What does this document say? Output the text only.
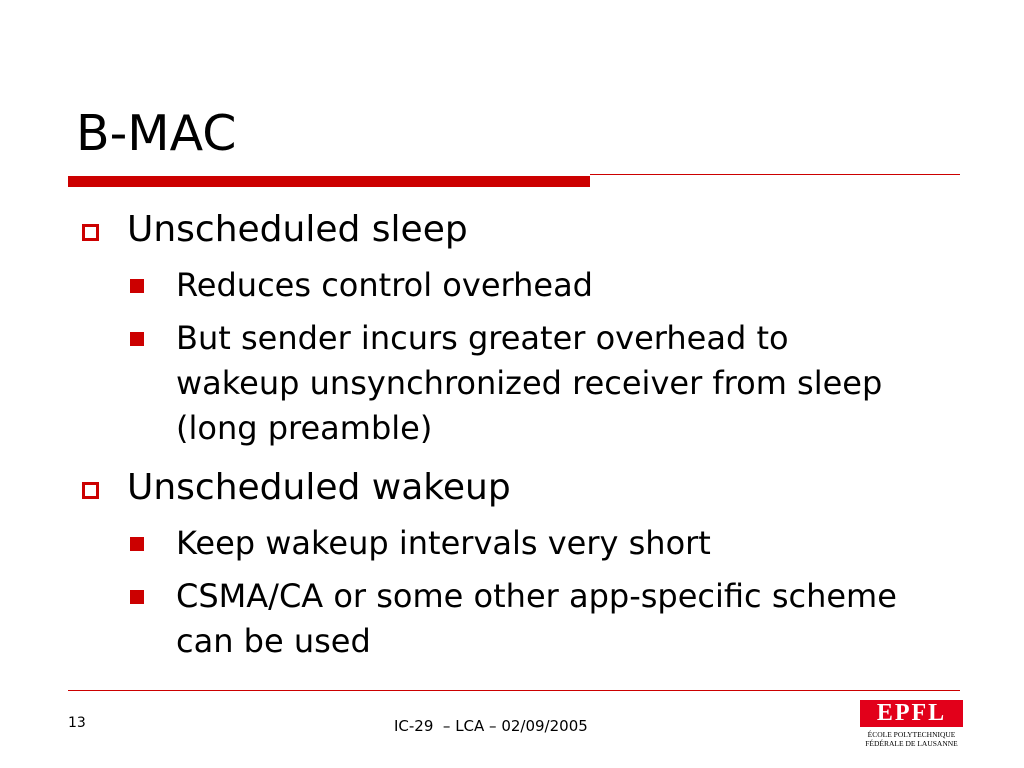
B-MAC
Unscheduled sleep
Reduces control overhead
But sender incurs greater overhead to wakeup unsynchronized receiver from sleep (long preamble)
Unscheduled wakeup
Keep wakeup intervals very short
CSMA/CA or some other app-specific scheme can be used
13	IC-29  – LCA – 02/09/2005	EPFL
ÉCOLE POLYTECHNIQUE
FÉDÉRALE DE LAUSANNE
